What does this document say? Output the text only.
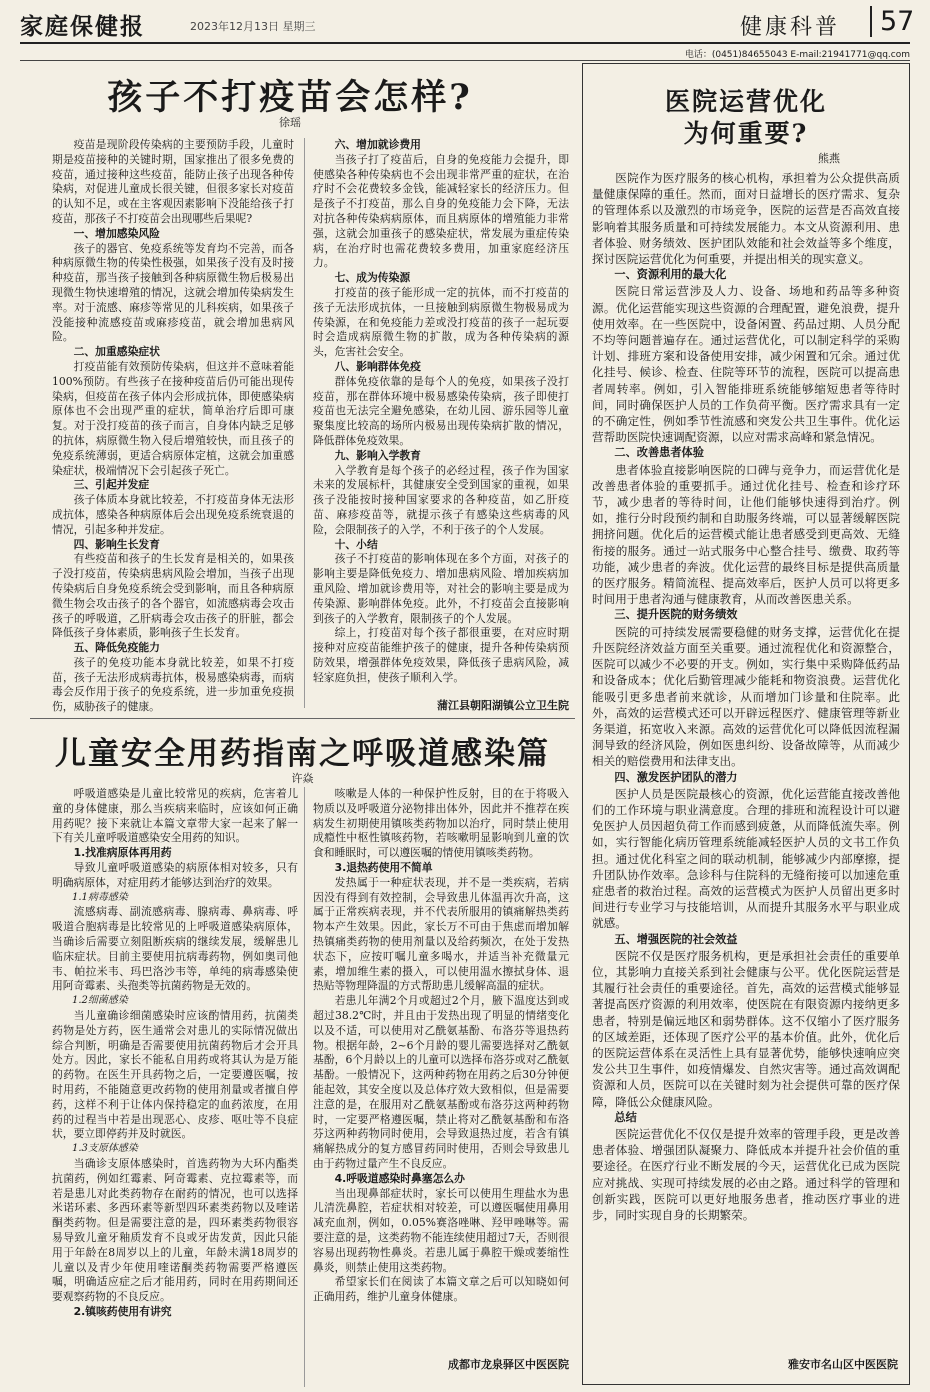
家庭保健报	2023年12月13日 星期三	健康科普	57
电话：(0451)84655043 E-mail:21941771@qq.com
孩子不打疫苗会怎样?
徐瑶

疫苗是现阶段传染病的主要预防手段，儿童时期是疫苗接种的关键时期，国家推出了很多免费的疫苗，通过接种这些疫苗，能防止孩子出现各种传染病，对促进儿童成长很关键，但很多家长对疫苗的认知不足，或在主客观因素影响下没能给孩子打疫苗，那孩子不打疫苗会出现哪些后果呢?

一、增加感染风险

孩子的器官、免疫系统等发育均不完善，而各种病原微生物的传染性极强，如果孩子没有及时接种疫苗，那当孩子接触到各种病原微生物后极易出现微生物快速增殖的情况，这就会增加传染病发生率。对于流感、麻疹等常见的儿科疾病，如果孩子没能接种流感疫苗或麻疹疫苗，就会增加患病风险。

二、加重感染症状

打疫苗能有效预防传染病，但这并不意味着能100%预防。有些孩子在接种疫苗后仍可能出现传染病，但疫苗在孩子体内会形成抗体，即使感染病原体也不会出现严重的症状，简单治疗后即可康复。对于没打疫苗的孩子而言，自身体内缺乏足够的抗体，病原微生物入侵后增殖较快，而且孩子的免疫系统薄弱，更适合病原体定植，这就会加重感染症状，极端情况下会引起孩子死亡。

三、引起并发症

孩子体质本身就比较差，不打疫苗身体无法形成抗体，感染各种病原体后会出现免疫系统衰退的情况，引起多种并发症。

四、影响生长发育

有些疫苗和孩子的生长发育是相关的，如果孩子没打疫苗，传染病患病风险会增加，当孩子出现传染病后自身免疫系统会受到影响，而且各种病原微生物会攻击孩子的各个器官，如流感病毒会攻击孩子的呼吸道，乙肝病毒会攻击孩子的肝脏，都会降低孩子身体素质，影响孩子生长发育。

五、降低免疫能力

孩子的免疫功能本身就比较差，如果不打疫苗，孩子无法形成病毒抗体，极易感染病毒，而病毒会反作用于孩子的免疫系统，进一步加重免疫损伤，威胁孩子的健康。

六、增加就诊费用

当孩子打了疫苗后，自身的免疫能力会提升，即使感染各种传染病也不会出现非常严重的症状，在治疗时不会花费较多金钱，能减轻家长的经济压力。但是孩子不打疫苗，那么自身的免疫能力会下降，无法对抗各种传染病病原体，而且病原体的增殖能力非常强，这就会加重孩子的感染症状，常发展为重症传染病，在治疗时也需花费较多费用，加重家庭经济压力。

七、成为传染源

打疫苗的孩子能形成一定的抗体，而不打疫苗的孩子无法形成抗体，一旦接触到病原微生物极易成为传染源，在和免疫能力差或没打疫苗的孩子一起玩耍时会造成病原微生物的扩散，成为各种传染病的源头，危害社会安全。

八、影响群体免疫

群体免疫依靠的是每个人的免疫，如果孩子没打疫苗，那在群体环境中极易感染传染病，孩子即使打疫苗也无法完全避免感染，在幼儿园、游乐园等儿童聚集度比较高的场所内极易出现传染病扩散的情况，降低群体免疫效果。

九、影响入学教育

入学教育是每个孩子的必经过程，孩子作为国家未来的发展标杆，其健康安全受到国家的重视，如果孩子没能按时接种国家要求的各种疫苗，如乙肝疫苗、麻疹疫苗等，就提示孩子有感染这些病毒的风险，会限制孩子的入学，不利于孩子的个人发展。

十、小结

孩子不打疫苗的影响体现在多个方面，对孩子的影响主要是降低免疫力、增加患病风险、增加疾病加重风险、增加就诊费用等，对社会的影响主要是成为传染源、影响群体免疫。此外，不打疫苗会直接影响到孩子的入学教育，限制孩子的个人发展。

综上，打疫苗对每个孩子都很重要，在对应时期接种对应疫苗能维护孩子的健康，提升各种传染病预防效果，增强群体免疫效果，降低孩子患病风险，减轻家庭负担，使孩子顺利入学。

蒲江县朝阳湖镇公立卫生院
儿童安全用药指南之呼吸道感染篇
许焱

呼吸道感染是儿童比较常见的疾病，危害着儿童的身体健康，那么当疾病来临时，应该如何正确用药呢？接下来就让本篇文章带大家一起来了解一下有关儿童呼吸道感染安全用药的知识。

1.找准病原体再用药

导致儿童呼吸道感染的病原体相对较多，只有明确病原体，对症用药才能够达到治疗的效果。

1.1病毒感染

流感病毒、副流感病毒、腺病毒、鼻病毒、呼吸道合胞病毒是比较常见的上呼吸道感染病原体，当确诊后需要立刻阻断疾病的继续发展，缓解患儿临床症状。目前主要使用抗病毒药物，例如奥司他韦、帕拉米韦、玛巴洛沙韦等，单纯的病毒感染使用阿奇霉素、头孢类等抗菌药物是无效的。

1.2细菌感染

当儿童确诊细菌感染时应该酌情用药，抗菌类药物是处方药，医生通常会对患儿的实际情况做出综合判断，明确是否需要使用抗菌药物后才会开具处方。因此，家长不能私自用药或将其认为是万能的药物。在医生开具药物之后，一定要遵医嘱，按时用药，不能随意更改药物的使用剂量或者擅自停药，这样不利于让体内保持稳定的血药浓度，在用药的过程当中若是出现恶心、皮疹、呕吐等不良症状，要立即停药并及时就医。

1.3支原体感染

当确诊支原体感染时，首选药物为大环内酯类抗菌药，例如红霉素、阿奇霉素、克拉霉素等，而若是患儿对此类药物存在耐药的情况，也可以选择米诺环素、多西环素等新型四环素类药物以及喹诺酮类药物。但是需要注意的是，四环素类药物很容易导致儿童牙釉质发育不良或牙齿发黄，因此只能用于年龄在8周岁以上的儿童，年龄未满18周岁的儿童以及青少年使用喹诺酮类药物需要严格遵医嘱，明确适应症之后才能用药，同时在用药期间还要观察药物的不良反应。

2.镇咳药使用有讲究

咳嗽是人体的一种保护性反射，目的在于将吸入物质以及呼吸道分泌物排出体外，因此并不推荐在疾病发生初期使用镇咳类药物加以治疗，同时禁止使用成瘾性中枢性镇咳药物，若咳嗽明显影响到儿童的饮食和睡眠时，可以遵医嘱的情使用镇咳类药物。

3.退热药使用不简单

发热属于一种症状表现，并不是一类疾病，若病因没有得到有效控制，会导致患儿体温再次升高，这属于正常疾病表现，并不代表所服用的镇痛解热类药物本产生效果。因此，家长万不可由于焦虑而增加解热镇痛类药物的使用剂量以及给药频次，在处于发热状态下，应按叮嘱儿童多喝水，并适当补充微量元素，增加维生素的摄入，可以使用温水擦拭身体、退热贴等物理降温的方式帮助患儿缓解高温的症状。

若患儿年满2个月或超过2个月，腋下温度达到或超过38.2℃时，并且由于发热出现了明显的情绪变化以及不适，可以使用对乙酰氨基酚、布洛芬等退热药物。根据年龄，2~6个月龄的婴儿需要选择对乙酰氨基酚，6个月龄以上的儿童可以选择布洛芬或对乙酰氨基酚。一般情况下，这两种药物在用药之后30分钟便能起效，其安全度以及总体疗效大致相似，但是需要注意的是，在服用对乙酰氨基酚或布洛芬这两种药物时，一定要严格遵医嘱，禁止将对乙酰氨基酚和布洛芬这两种药物同时使用，会导致退热过度，若含有镇痛解热成分的复方感冒药同时使用，否则会导致患儿由于药物过量产生不良反应。

4.呼吸道感染时鼻塞怎么办

当出现鼻部症状时，家长可以使用生理盐水为患儿清洗鼻腔，若症状相对较差，可以遵医嘱使用鼻用减充血剂，例如，0.05%赛洛唑啉、羟甲唑啉等。需要注意的是，这类药物不能连续使用超过7天，否则很容易出现药物性鼻炎。若患儿属于鼻腔干燥或萎缩性鼻炎，则禁止使用这类药物。

希望家长们在阅读了本篇文章之后可以知晓如何正确用药，维护儿童身体健康。

成都市龙泉驿区中医医院
医院运营优化
为何重要?
熊燕

医院作为医疗服务的核心机构，承担着为公众提供高质量健康保障的重任。然而，面对日益增长的医疗需求、复杂的管理体系以及激烈的市场竞争，医院的运营是否高效直接影响着其服务质量和可持续发展能力。本文从资源利用、患者体验、财务绩效、医护团队效能和社会效益等多个维度，探讨医院运营优化为何重要，并提出相关的现实意义。

一、资源利用的最大化

医院日常运营涉及人力、设备、场地和药品等多种资源。优化运营能实现这些资源的合理配置，避免浪费，提升使用效率。在一些医院中，设备闲置、药品过期、人员分配不均等问题普遍存在。通过运营优化，可以制定科学的采购计划、排班方案和设备使用安排，减少闲置和冗余。通过优化挂号、候诊、检查、住院等环节的流程，医院可以提高患者周转率。例如，引入智能排班系统能够缩短患者等待时间，同时确保医护人员的工作负荷平衡。医疗需求具有一定的不确定性，例如季节性流感和突发公共卫生事件。优化运营帮助医院快速调配资源，以应对需求高峰和紧急情况。

二、改善患者体验

患者体验直接影响医院的口碑与竞争力，而运营优化是改善患者体验的重要抓手。通过优化挂号、检查和诊疗环节，减少患者的等待时间，让他们能够快速得到治疗。例如，推行分时段预约制和自助服务终端，可以显著缓解医院拥挤问题。优化后的运营模式能让患者感受到更高效、无缝衔接的服务。通过一站式服务中心整合挂号、缴费、取药等功能，减少患者的奔波。优化运营的最终目标是提供高质量的医疗服务。精简流程、提高效率后，医护人员可以将更多时间用于患者沟通与健康教育，从而改善医患关系。

三、提升医院的财务绩效

医院的可持续发展需要稳健的财务支撑，运营优化在提升医院经济效益方面至关重要。通过流程优化和资源整合，医院可以减少不必要的开支。例如，实行集中采购降低药品和设备成本；优化后勤管理减少能耗和物资浪费。运营优化能吸引更多患者前来就诊，从而增加门诊量和住院率。此外，高效的运营模式还可以开辟远程医疗、健康管理等新业务渠道，拓宽收入来源。高效的运营优化可以降低因流程漏洞导致的经济风险，例如医患纠纷、设备故障等，从而减少相关的赔偿费用和法律支出。

四、激发医护团队的潜力

医护人员是医院最核心的资源，优化运营能直接改善他们的工作环境与职业满意度。合理的排班和流程设计可以避免医护人员因超负荷工作而感到疲惫，从而降低流失率。例如，实行智能化病历管理系统能减轻医护人员的文书工作负担。通过优化科室之间的联动机制，能够减少内部摩擦，提升团队协作效率。急诊科与住院科的无缝衔接可以加速危重症患者的救治过程。高效的运营模式为医护人员留出更多时间进行专业学习与技能培训，从而提升其服务水平与职业成就感。

五、增强医院的社会效益

医院不仅是医疗服务机构，更是承担社会责任的重要单位，其影响力直接关系到社会健康与公平。优化医院运营是其履行社会责任的重要途径。首先，高效的运营模式能够显著提高医疗资源的利用效率，使医院在有限资源内接纳更多患者，特别是偏远地区和弱势群体。这不仅缩小了医疗服务的区域差距，还体现了医疗公平的基本价值。此外，优化后的医院运营体系在灵活性上具有显著优势，能够快速响应突发公共卫生事件，如疫情爆发、自然灾害等。通过高效调配资源和人员，医院可以在关键时刻为社会提供可靠的医疗保障，降低公众健康风险。

总结

医院运营优化不仅仅是提升效率的管理手段，更是改善患者体验、增强团队凝聚力、降低成本并提升社会价值的重要途径。在医疗行业不断发展的今天，运营优化已成为医院应对挑战、实现可持续发展的必由之路。通过科学的管理和创新实践，医院可以更好地服务患者，推动医疗事业的进步，同时实现自身的长期繁荣。

雅安市名山区中医医院
